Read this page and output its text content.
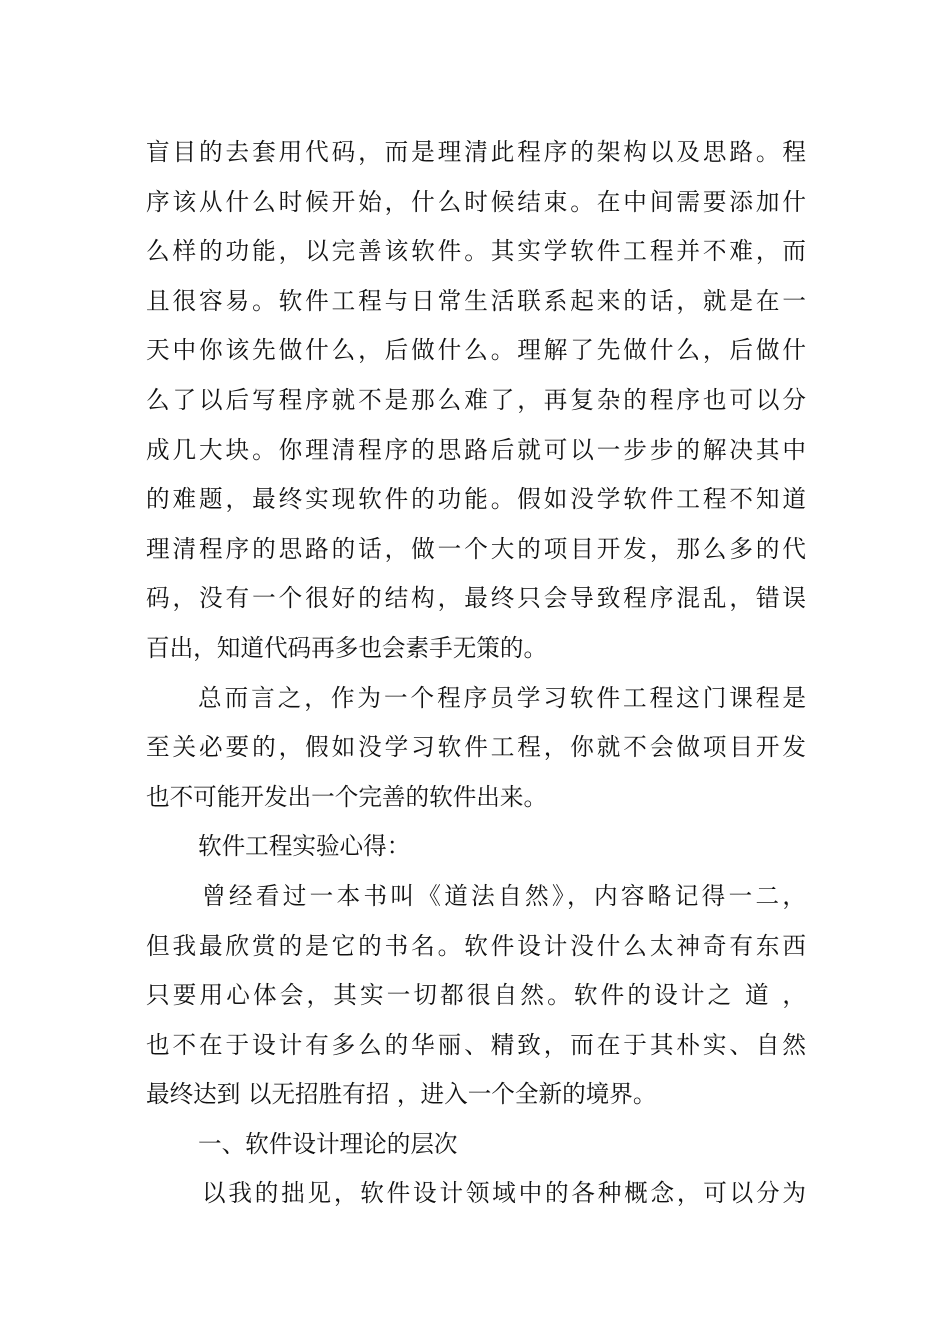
盲目的去套用代码，而是理清此程序的架构以及思路。程
序该从什么时候开始，什么时候结束。在中间需要添加什
么样的功能，以完善该软件。其实学软件工程并不难，而
且很容易。软件工程与日常生活联系起来的话，就是在一
天中你该先做什么，后做什么。理解了先做什么，后做什
么了以后写程序就不是那么难了，再复杂的程序也可以分
成几大块。你理清程序的思路后就可以一步步的解决其中
的难题，最终实现软件的功能。假如没学软件工程不知道
理清程序的思路的话，做一个大的项目开发，那么多的代
码，没有一个很好的结构，最终只会导致程序混乱，错误
百出，知道代码再多也会素手无策的。
总而言之，作为一个程序员学习软件工程这门课程是
至关必要的，假如没学习软件工程，你就不会做项目开发
也不可能开发出一个完善的软件出来。
软件工程实验心得：
曾经看过一本书叫《道法自然》，内容略记得一二，
但我最欣赏的是它的书名。软件设计没什么太神奇有东西
只要用心体会，其实一切都很自然。软件的设计之 道 ，
也不在于设计有多么的华丽、精致，而在于其朴实、自然
最终达到 以无招胜有招 ，进入一个全新的境界。
一、软件设计理论的层次
以我的拙见，软件设计领域中的各种概念，可以分为
